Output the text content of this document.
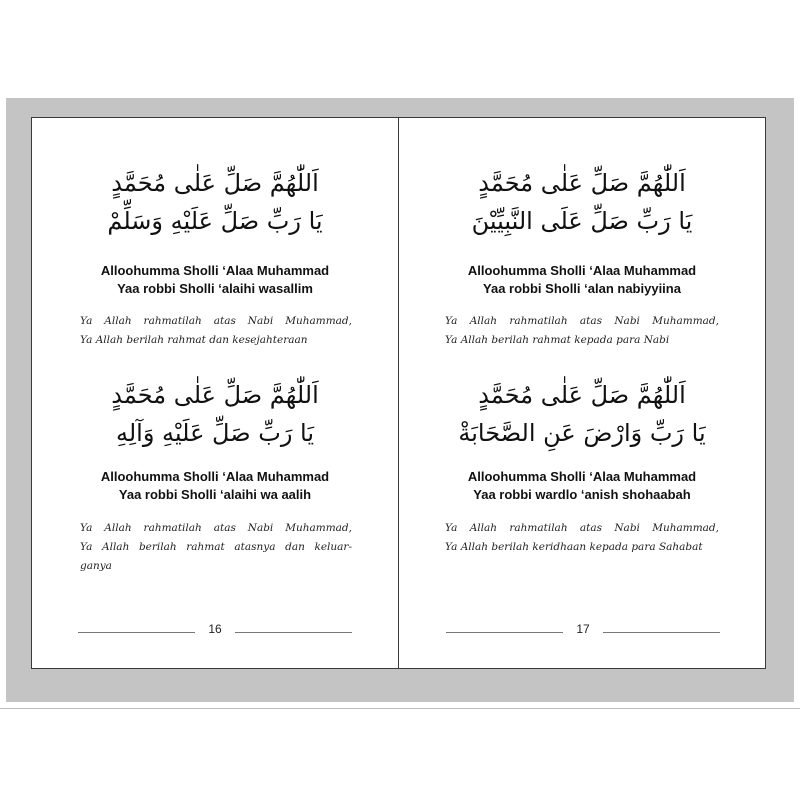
اَللّٰهُمَّ صَلِّ عَلٰى مُحَمَّدٍ
يَا رَبِّ صَلِّ عَلَيْهِ وَسَلِّمْ
Alloohumma Sholli ‘Alaa Muhammad
Yaa robbi Sholli ‘alaihi wasallim
Ya Allah rahmatilah atas Nabi Muhammad,
Ya Allah berilah rahmat dan kesejahteraan
اَللّٰهُمَّ صَلِّ عَلٰى مُحَمَّدٍ
يَا رَبِّ صَلِّ عَلَيْهِ وَآلِهِ
Alloohumma Sholli ‘Alaa Muhammad
Yaa robbi Sholli ‘alaihi wa aalih
Ya Allah rahmatilah atas Nabi Muhammad,
Ya Allah berilah rahmat atasnya dan keluar-
ganya
16
اَللّٰهُمَّ صَلِّ عَلٰى مُحَمَّدٍ
يَا رَبِّ صَلِّ عَلَى النَّبِيِّيْنَ
Alloohumma Sholli ‘Alaa Muhammad
Yaa robbi Sholli ‘alan nabiyyiina
Ya Allah rahmatilah atas Nabi Muhammad,
Ya Allah berilah rahmat kepada para Nabi
اَللّٰهُمَّ صَلِّ عَلٰى مُحَمَّدٍ
يَا رَبِّ وَارْضَ عَنِ الصَّحَابَةْ
Alloohumma Sholli ‘Alaa Muhammad
Yaa robbi wardlo ‘anish shohaabah
Ya Allah rahmatilah atas Nabi Muhammad,
Ya Allah berilah keridhaan kepada para Sahabat
17
